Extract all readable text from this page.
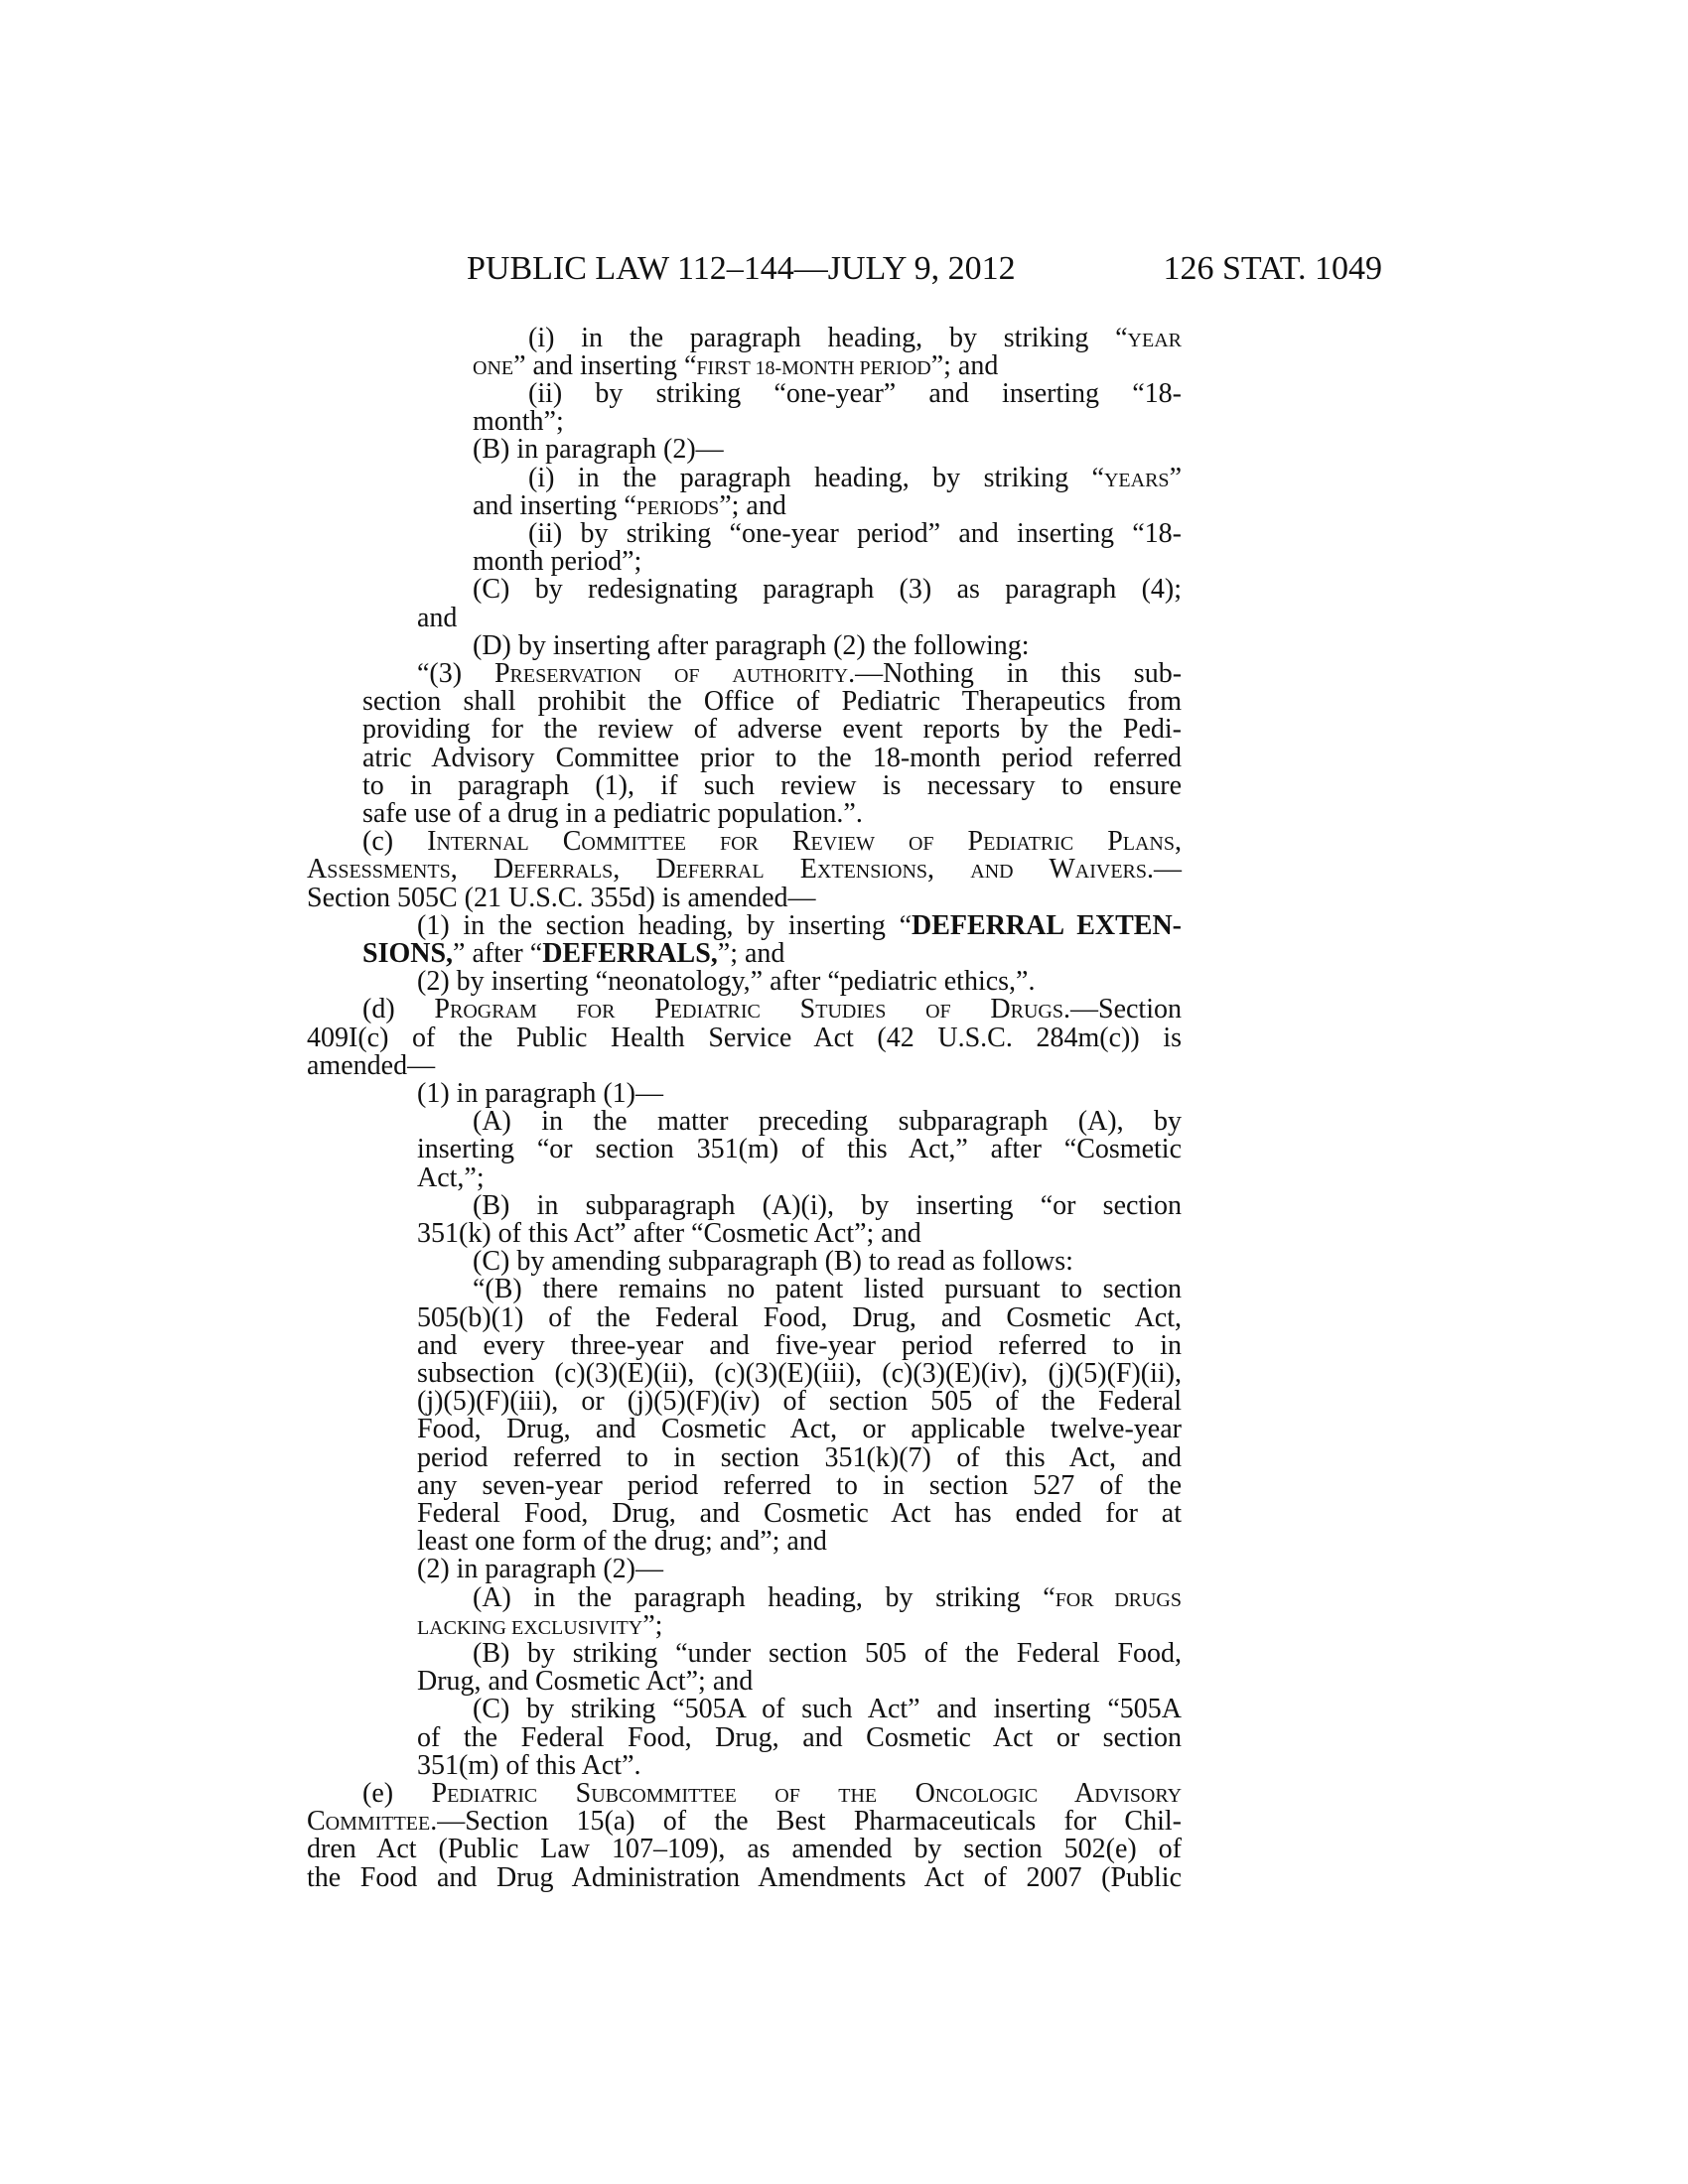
PUBLIC LAW 112–144—JULY 9, 2012	126 STAT. 1049
(i) in the paragraph heading, by striking “YEAR
ONE” and inserting “FIRST 18-MONTH PERIOD”; and
(ii) by striking “one-year” and inserting “18-
month”;
(B) in paragraph (2)—
(i) in the paragraph heading, by striking “YEARS”
and inserting “PERIODS”; and
(ii) by striking “one-year period” and inserting “18-
month period”;
(C) by redesignating paragraph (3) as paragraph (4);
and
(D) by inserting after paragraph (2) the following:
“(3) Preservation of authority.—Nothing in this sub-
section shall prohibit the Office of Pediatric Therapeutics from
providing for the review of adverse event reports by the Pedi-
atric Advisory Committee prior to the 18-month period referred
to in paragraph (1), if such review is necessary to ensure
safe use of a drug in a pediatric population.”.
(c) Internal Committee for Review of Pediatric Plans,
Assessments, Deferrals, Deferral Extensions, and Waivers.—
Section 505C (21 U.S.C. 355d) is amended—
(1) in the section heading, by inserting “DEFERRAL EXTEN-
SIONS,” after “DEFERRALS,”; and
(2) by inserting “neonatology,” after “pediatric ethics,”.
(d) Program for Pediatric Studies of Drugs.—Section
409I(c) of the Public Health Service Act (42 U.S.C. 284m(c)) is
amended—
(1) in paragraph (1)—
(A) in the matter preceding subparagraph (A), by
inserting “or section 351(m) of this Act,” after “Cosmetic
Act,”;
(B) in subparagraph (A)(i), by inserting “or section
351(k) of this Act” after “Cosmetic Act”; and
(C) by amending subparagraph (B) to read as follows:
“(B) there remains no patent listed pursuant to section
505(b)(1) of the Federal Food, Drug, and Cosmetic Act,
and every three-year and five-year period referred to in
subsection (c)(3)(E)(ii), (c)(3)(E)(iii), (c)(3)(E)(iv), (j)(5)(F)(ii),
(j)(5)(F)(iii), or (j)(5)(F)(iv) of section 505 of the Federal
Food, Drug, and Cosmetic Act, or applicable twelve-year
period referred to in section 351(k)(7) of this Act, and
any seven-year period referred to in section 527 of the
Federal Food, Drug, and Cosmetic Act has ended for at
least one form of the drug; and”; and
(2) in paragraph (2)—
(A) in the paragraph heading, by striking “FOR DRUGS
LACKING EXCLUSIVITY”;
(B) by striking “under section 505 of the Federal Food,
Drug, and Cosmetic Act”; and
(C) by striking “505A of such Act” and inserting “505A
of the Federal Food, Drug, and Cosmetic Act or section
351(m) of this Act”.
(e) Pediatric Subcommittee of the Oncologic Advisory
Committee.—Section 15(a) of the Best Pharmaceuticals for Chil-
dren Act (Public Law 107–109), as amended by section 502(e) of
the Food and Drug Administration Amendments Act of 2007 (Public
